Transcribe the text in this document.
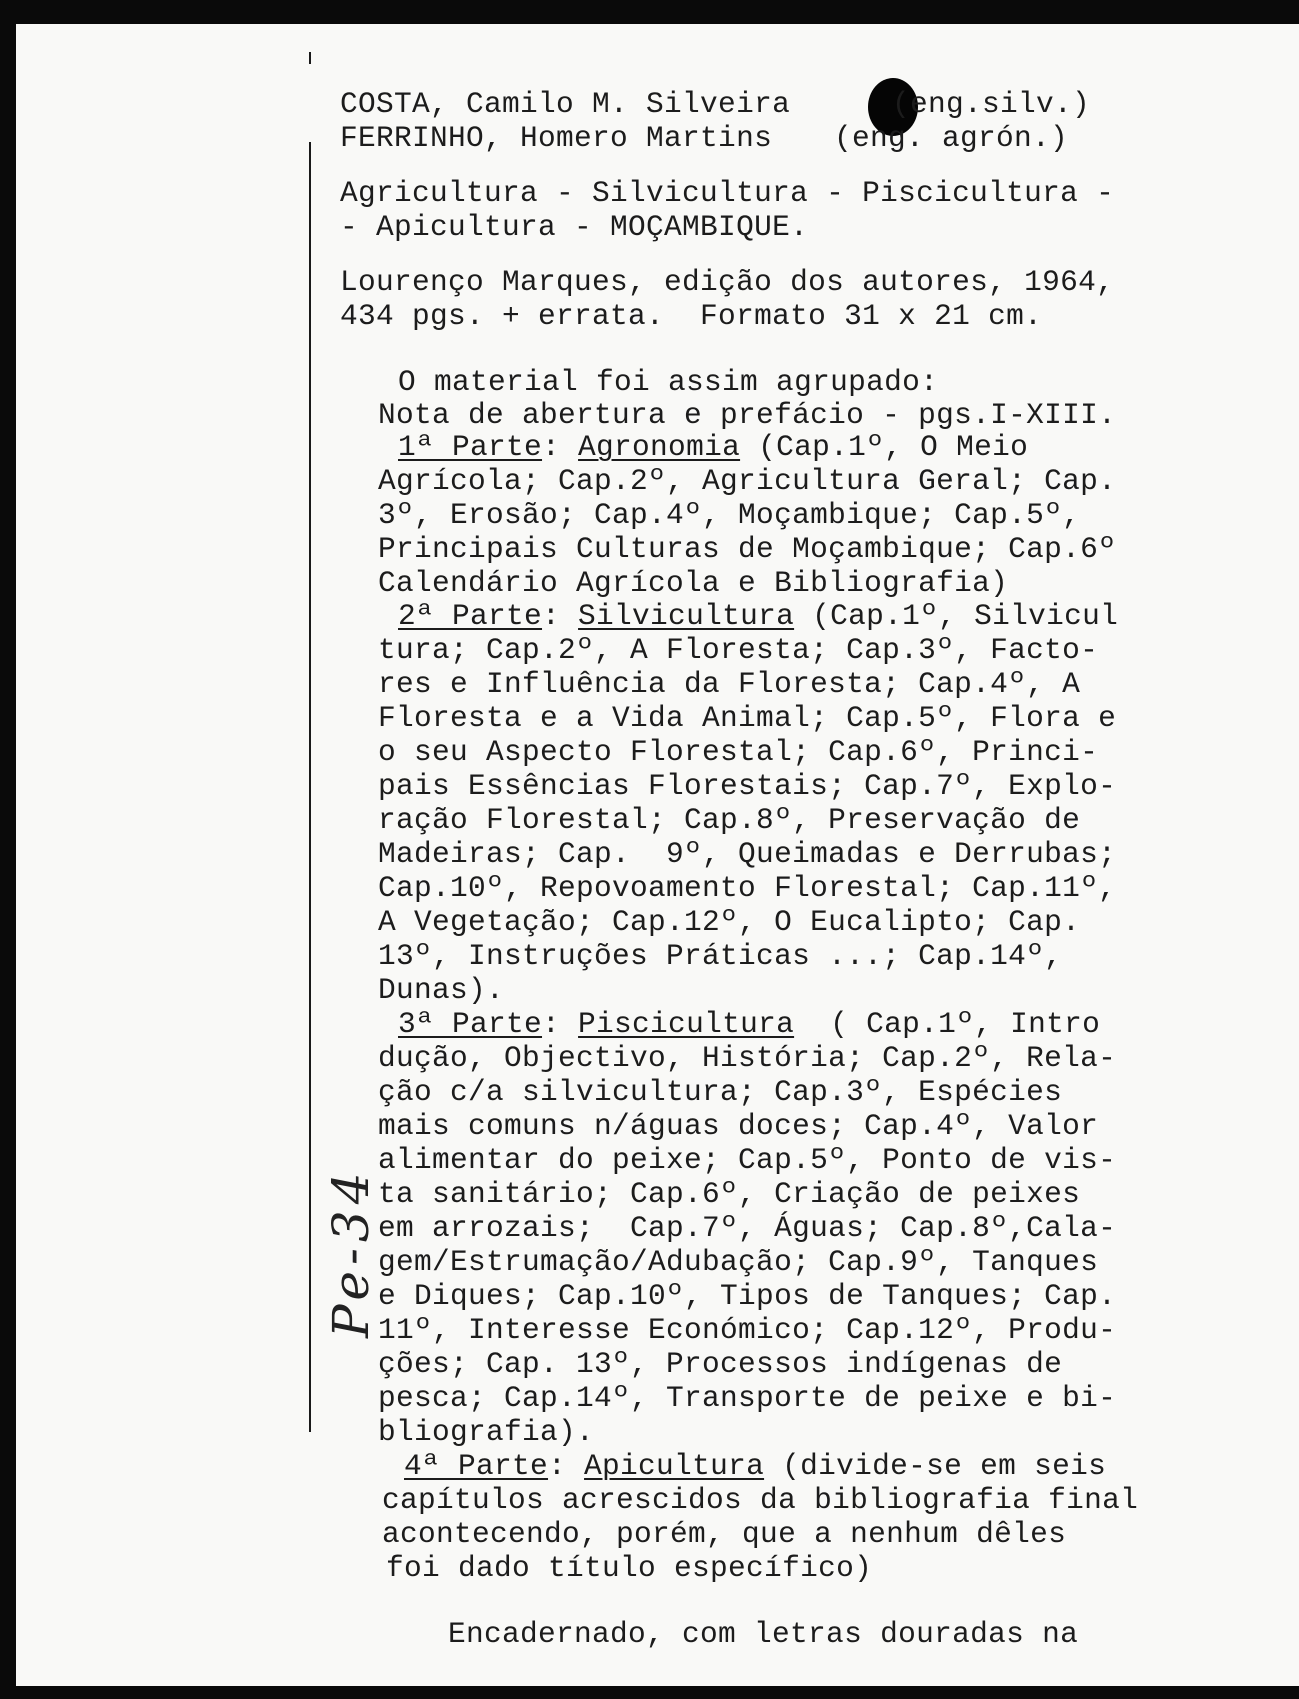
Pe-34
COSTA, Camilo M. Silveira	(eng.silv.)
FERRINHO, Homero Martins (eng. agrón.)
Agricultura - Silvicultura - Piscicultura -
- Apicultura - MOÇAMBIQUE.
Lourenço Marques, edição dos autores, 1964,
434 pgs. + errata.  Formato 31 x 21 cm.
O material foi assim agrupado:
Nota de abertura e prefácio - pgs.I-XIII.
1ª Parte: Agronomia (Cap.1º, O Meio
Agrícola; Cap.2º, Agricultura Geral; Cap.
3º, Erosão; Cap.4º, Moçambique; Cap.5º,
Principais Culturas de Moçambique; Cap.6º
Calendário Agrícola e Bibliografia)
2ª Parte: Silvicultura (Cap.1º, Silvicul
tura; Cap.2º, A Floresta; Cap.3º, Facto-
res e Influência da Floresta; Cap.4º, A
Floresta e a Vida Animal; Cap.5º, Flora e
o seu Aspecto Florestal; Cap.6º, Princi-
pais Essências Florestais; Cap.7º, Explo-
ração Florestal; Cap.8º, Preservação de
Madeiras; Cap.  9º, Queimadas e Derrubas;
Cap.10º, Repovoamento Florestal; Cap.11º,
A Vegetação; Cap.12º, O Eucalipto; Cap.
13º, Instruções Práticas ...; Cap.14º,
Dunas).
3ª Parte: Piscicultura  ( Cap.1º, Intro
dução, Objectivo, História; Cap.2º, Rela-
ção c/a silvicultura; Cap.3º, Espécies
mais comuns n/águas doces; Cap.4º, Valor
alimentar do peixe; Cap.5º, Ponto de vis-
ta sanitário; Cap.6º, Criação de peixes
em arrozais;  Cap.7º, Águas; Cap.8º,Cala-
gem/Estrumação/Adubação; Cap.9º, Tanques
e Diques; Cap.10º, Tipos de Tanques; Cap.
11º, Interesse Económico; Cap.12º, Produ-
ções; Cap. 13º, Processos indígenas de
pesca; Cap.14º, Transporte de peixe e bi-
bliografia).
4ª Parte: Apicultura (divide-se em seis
capítulos acrescidos da bibliografia final
acontecendo, porém, que a nenhum dêles
foi dado título específico)
Encadernado, com letras douradas na
